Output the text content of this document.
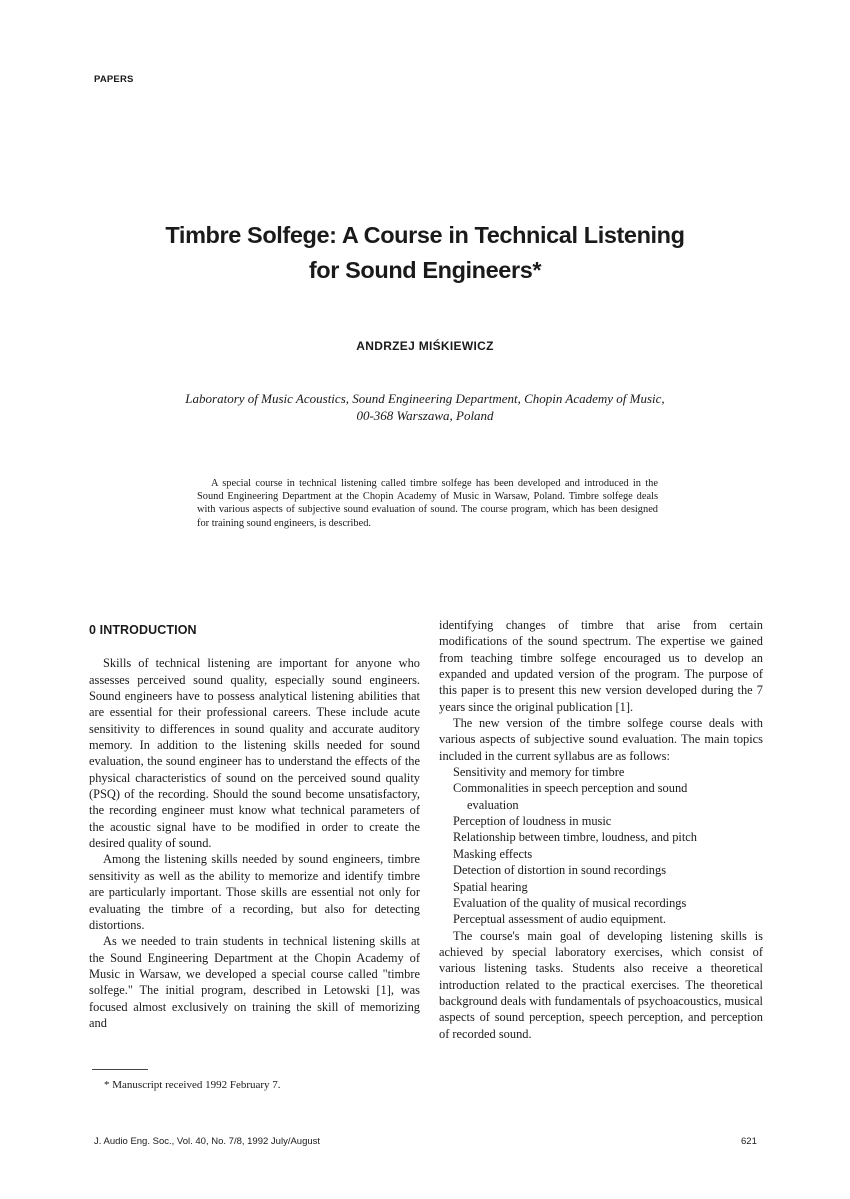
PAPERS
Timbre Solfege: A Course in Technical Listening
for Sound Engineers*
ANDRZEJ MIŚKIEWICZ
Laboratory of Music Acoustics, Sound Engineering Department, Chopin Academy of Music,
00-368 Warszawa, Poland

A special course in technical listening called timbre solfege has been developed and introduced in the Sound Engineering Department at the Chopin Academy of Music in Warsaw, Poland. Timbre solfege deals with various aspects of subjective sound evaluation of sound. The course program, which has been designed for training sound engineers, is described.

0 INTRODUCTION

Skills of technical listening are important for anyone who assesses perceived sound quality, especially sound engineers. Sound engineers have to possess analytical listening abilities that are essential for their professional careers. These include acute sensitivity to differences in sound quality and accurate auditory memory. In addition to the listening skills needed for sound evaluation, the sound engineer has to understand the effects of the physical characteristics of sound on the perceived sound quality (PSQ) of the recording. Should the sound become unsatisfactory, the recording engineer must know what technical parameters of the acoustic signal have to be modified in order to create the desired quality of sound.

Among the listening skills needed by sound engineers, timbre sensitivity as well as the ability to memorize and identify timbre are particularly important. Those skills are essential not only for evaluating the timbre of a recording, but also for detecting distortions.

As we needed to train students in technical listening skills at the Sound Engineering Department at the Chopin Academy of Music in Warsaw, we developed a special course called "timbre solfege." The initial program, described in Letowski [1], was focused almost exclusively on training the skill of memorizing and

identifying changes of timbre that arise from certain modifications of the sound spectrum. The expertise we gained from teaching timbre solfege encouraged us to develop an expanded and updated version of the program. The purpose of this paper is to present this new version developed during the 7 years since the original publication [1].

The new version of the timbre solfege course deals with various aspects of subjective sound evaluation. The main topics included in the current syllabus are as follows:

Sensitivity and memory for timbre
Commonalities in speech perception and sound
evaluation
Perception of loudness in music
Relationship between timbre, loudness, and pitch
Masking effects
Detection of distortion in sound recordings
Spatial hearing
Evaluation of the quality of musical recordings
Perceptual assessment of audio equipment.

The course's main goal of developing listening skills is achieved by special laboratory exercises, which consist of various listening tasks. Students also receive a theoretical introduction related to the practical exercises. The theoretical background deals with fundamentals of psychoacoustics, musical aspects of sound perception, speech perception, and perception of recorded sound.

* Manuscript received 1992 February 7.
J. Audio Eng. Soc., Vol. 40, No. 7/8, 1992 July/August	621
